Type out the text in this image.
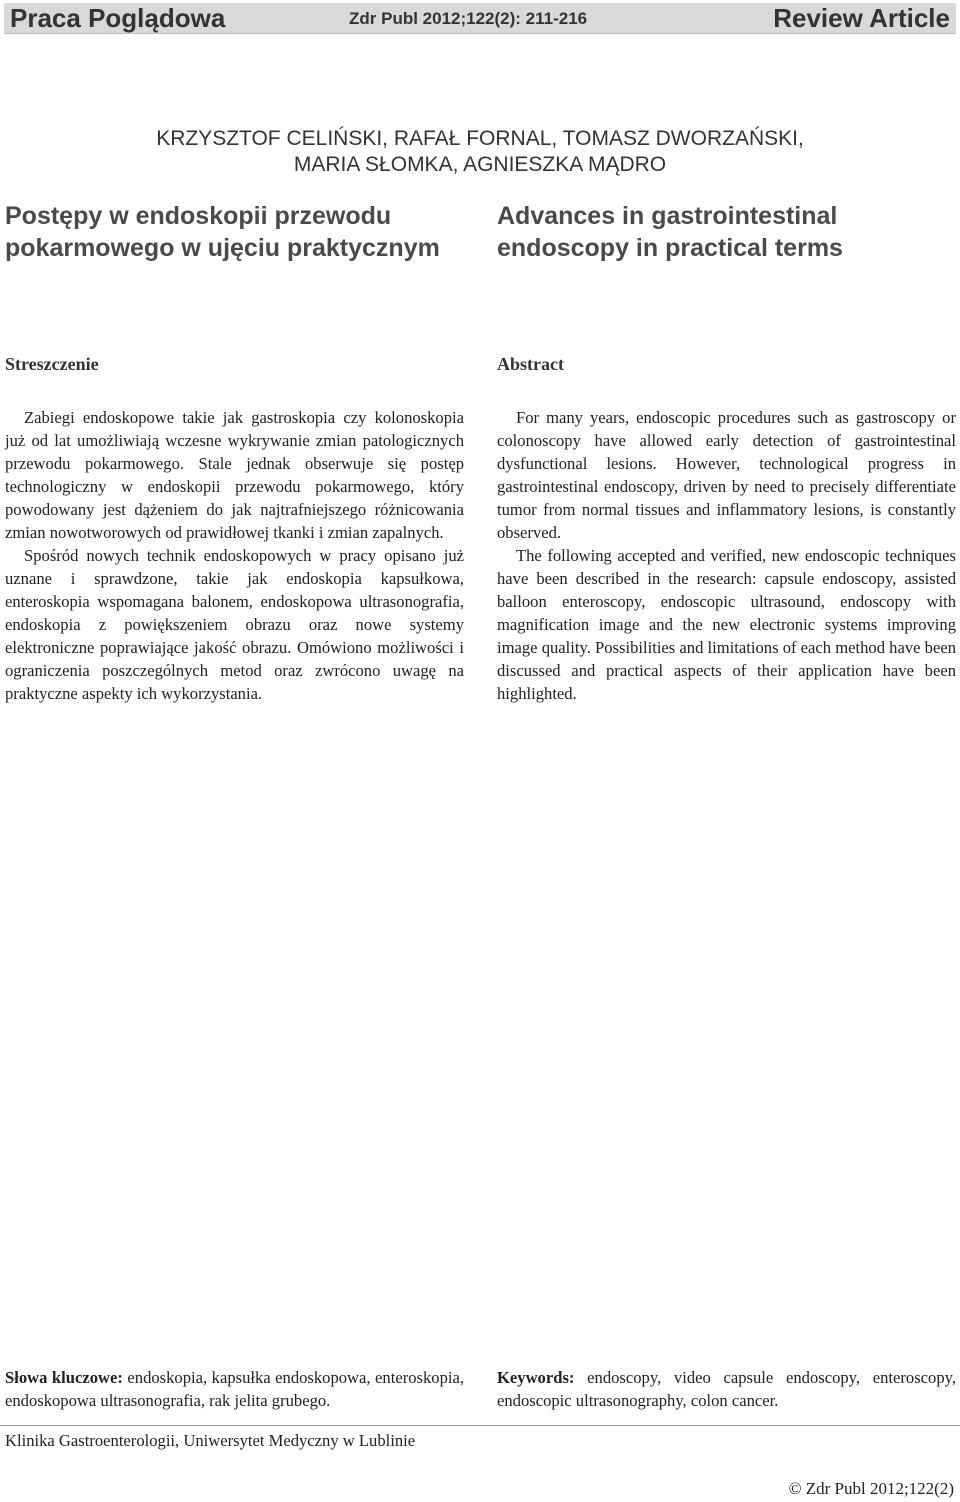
Praca Poglądowa	Zdr Publ 2012;122(2): 211-216	Review Article
KRZYSZTOF CELIŃSKI, RAFAŁ FORNAL, TOMASZ DWORZAŃSKI,
MARIA SŁOMKA, AGNIESZKA MĄDRO
Postępy w endoskopii przewodu pokarmowego w ujęciu praktycznym
Advances in gastrointestinal endoscopy in practical terms
Streszczenie	Abstract

Zabiegi endoskopowe takie jak gastroskopia czy kolonoskopia już od lat umożliwiają wczesne wykrywanie zmian patologicznych przewodu pokarmowego. Stale jednak obserwuje się postęp technologiczny w endoskopii przewodu pokarmowego, który powodowany jest dążeniem do jak najtrafniejszego różnicowania zmian nowotworowych od prawidłowej tkanki i zmian zapalnych.

Spośród nowych technik endoskopowych w pracy opisano już uznane i sprawdzone, takie jak endoskopia kapsułkowa, enteroskopia wspomagana balonem, endoskopowa ultrasonografia, endoskopia z powiększeniem obrazu oraz nowe systemy elektroniczne poprawiające jakość obrazu. Omówiono możliwości i ograniczenia poszczególnych metod oraz zwrócono uwagę na praktyczne aspekty ich wykorzystania.

For many years, endoscopic procedures such as gastroscopy or colonoscopy have allowed early detection of gastrointestinal dysfunctional lesions. However, technological progress in gastrointestinal endoscopy, driven by need to precisely differentiate tumor from normal tissues and inflammatory lesions, is constantly observed.

The following accepted and verified, new endoscopic techniques have been described in the research: capsule endoscopy, assisted balloon enteroscopy, endoscopic ultrasound, endoscopy with magnification image and the new electronic systems improving image quality. Possibilities and limitations of each method have been discussed and practical aspects of their application have been highlighted.

Słowa kluczowe: endoskopia, kapsułka endoskopowa, enteroskopia, endoskopowa ultrasonografia, rak jelita grubego.
Keywords: endoscopy, video capsule endoscopy, enteroscopy, endoscopic ultrasonography, colon cancer.
Klinika Gastroenterologii, Uniwersytet Medyczny w Lublinie
© Zdr Publ 2012;122(2)
